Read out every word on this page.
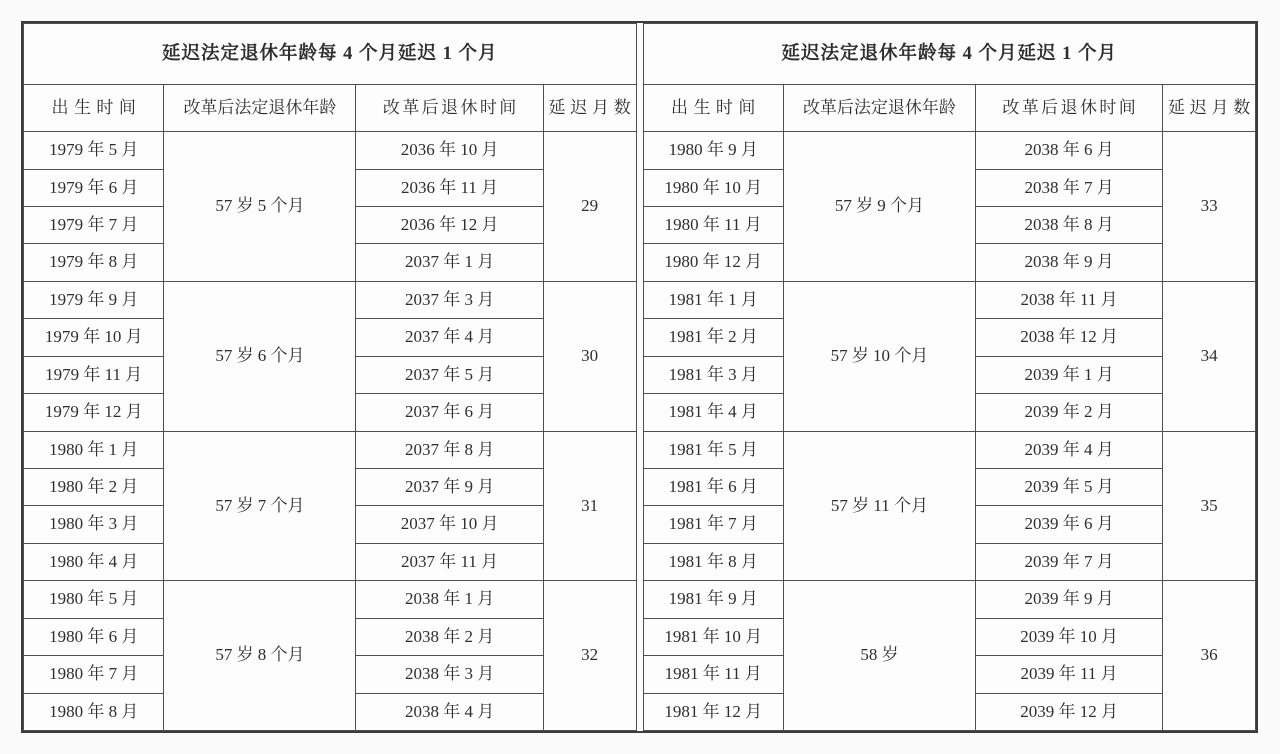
延迟法定退休年龄每 4 个月延迟 1 个月			
出生时间	改革后法定退休年龄	改革后退休时间	延迟月数
1979 年 5 月	57 岁 5 个月	2036 年 10 月	29
1979 年 6 月		2036 年 11 月	
1979 年 7 月		2036 年 12 月	
1979 年 8 月		2037 年 1 月	
1979 年 9 月	57 岁 6 个月	2037 年 3 月	30
1979 年 10 月		2037 年 4 月	
1979 年 11 月		2037 年 5 月	
1979 年 12 月		2037 年 6 月	
1980 年 1 月	57 岁 7 个月	2037 年 8 月	31
1980 年 2 月		2037 年 9 月	
1980 年 3 月		2037 年 10 月	
1980 年 4 月		2037 年 11 月	
1980 年 5 月	57 岁 8 个月	2038 年 1 月	32
1980 年 6 月		2038 年 2 月	
1980 年 7 月		2038 年 3 月	
1980 年 8 月		2038 年 4 月	
延迟法定退休年龄每 4 个月延迟 1 个月			
出生时间	改革后法定退休年龄	改革后退休时间	延迟月数
1980 年 9 月	57 岁 9 个月	2038 年 6 月	33
1980 年 10 月		2038 年 7 月	
1980 年 11 月		2038 年 8 月	
1980 年 12 月		2038 年 9 月	
1981 年 1 月	57 岁 10 个月	2038 年 11 月	34
1981 年 2 月		2038 年 12 月	
1981 年 3 月		2039 年 1 月	
1981 年 4 月		2039 年 2 月	
1981 年 5 月	57 岁 11 个月	2039 年 4 月	35
1981 年 6 月		2039 年 5 月	
1981 年 7 月		2039 年 6 月	
1981 年 8 月		2039 年 7 月	
1981 年 9 月	58 岁	2039 年 9 月	36
1981 年 10 月		2039 年 10 月	
1981 年 11 月		2039 年 11 月	
1981 年 12 月		2039 年 12 月	
